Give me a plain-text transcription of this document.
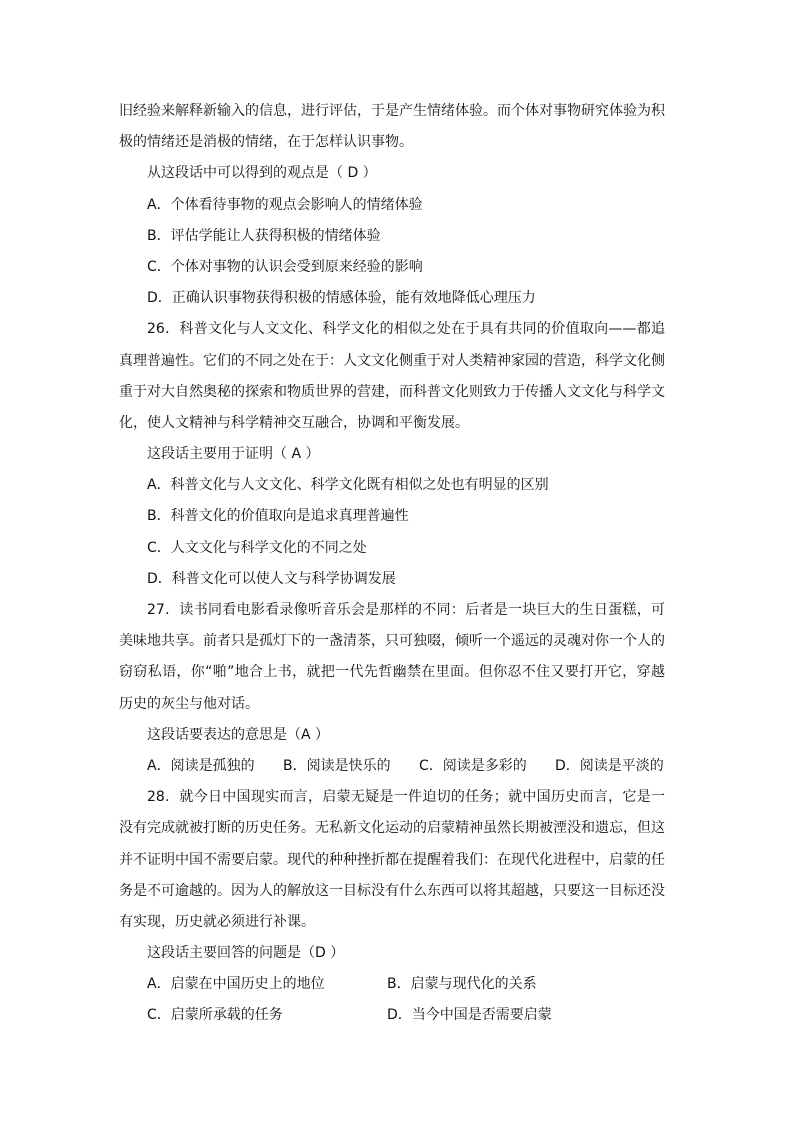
旧经验来解释新输入的信息，进行评估，于是产生情绪体验。而个体对事物研究体验为积
极的情绪还是消极的情绪，在于怎样认识事物。
从这段话中可以得到的观点是（ D ）
A．个体看待事物的观点会影响人的情绪体验
B．评估学能让人获得积极的情绪体验
C．个体对事物的认识会受到原来经验的影响
D．正确认识事物获得积极的情感体验，能有效地降低心理压力
26．科普文化与人文文化、科学文化的相似之处在于具有共同的价值取向——都追
真理普遍性。它们的不同之处在于：人文文化侧重于对人类精神家园的营造，科学文化侧
重于对大自然奥秘的探索和物质世界的营建，而科普文化则致力于传播人文文化与科学文
化，使人文精神与科学精神交互融合，协调和平衡发展。
这段话主要用于证明（ A ）
A．科普文化与人文文化、科学文化既有相似之处也有明显的区别
B．科普文化的价值取向是追求真理普遍性
C．人文文化与科学文化的不同之处
D．科普文化可以使人文与科学协调发展
27．读书同看电影看录像听音乐会是那样的不同：后者是一块巨大的生日蛋糕，可
美味地共享。前者只是孤灯下的一盏清茶，只可独啜，倾听一个遥远的灵魂对你一个人的
窃窃私语，你“啪”地合上书，就把一代先哲幽禁在里面。但你忍不住又要打开它，穿越
历史的灰尘与他对话。
这段话要表达的意思是（A ）
A．阅读是孤独的	B．阅读是快乐的	C．阅读是多彩的	D．阅读是平淡的
28．就今日中国现实而言，启蒙无疑是一件迫切的任务；就中国历史而言，它是一
没有完成就被打断的历史任务。无私新文化运动的启蒙精神虽然长期被湮没和遗忘，但这
并不证明中国不需要启蒙。现代的种种挫折都在提醒着我们：在现代化进程中，启蒙的任
务是不可逾越的。因为人的解放这一目标没有什么东西可以将其超越，只要这一目标还没
有实现，历史就必须进行补课。
这段话主要回答的问题是（D ）
A．启蒙在中国历史上的地位	B．启蒙与现代化的关系
C．启蒙所承载的任务	D．当今中国是否需要启蒙
